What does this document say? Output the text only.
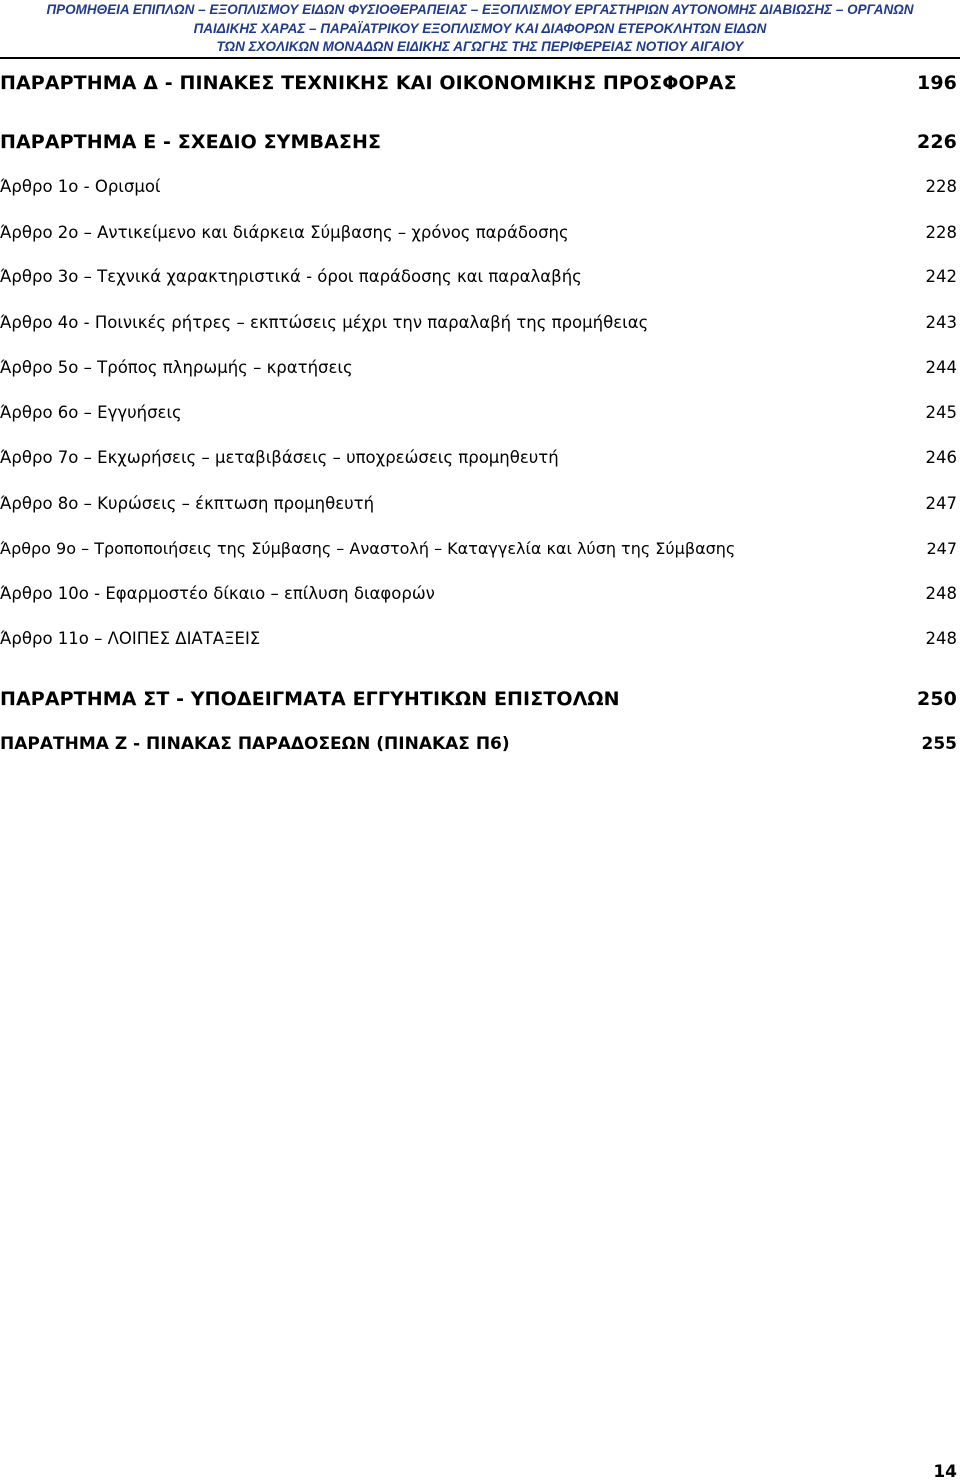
ΠΡΟΜΗΘΕΙΑ ΕΠΙΠΛΩΝ – ΕΞΟΠΛΙΣΜΟΥ ΕΙΔΩΝ ΦΥΣΙΟΘΕΡΑΠΕΙΑΣ – ΕΞΟΠΛΙΣΜΟΥ ΕΡΓΑΣΤΗΡΙΩΝ ΑΥΤΟΝΟΜΗΣ ΔΙΑΒΙΩΣΗΣ – ΟΡΓΑΝΩΝ
ΠΑΙΔΙΚΗΣ ΧΑΡΑΣ – ΠΑΡΑΪΑΤΡΙΚΟΥ ΕΞΟΠΛΙΣΜΟΥ ΚΑΙ ΔΙΑΦΟΡΩΝ ΕΤΕΡΟΚΛΗΤΩΝ ΕΙΔΩΝ
ΤΩΝ ΣΧΟΛΙΚΩΝ ΜΟΝΑΔΩΝ ΕΙΔΙΚΗΣ ΑΓΩΓΗΣ ΤΗΣ ΠΕΡΙΦΕΡΕΙΑΣ ΝΟΤΙΟΥ ΑΙΓΑΙΟΥ
ΠΑΡΑΡΤΗΜΑ Δ - ΠΙΝΑΚΕΣ ΤΕΧΝΙΚΗΣ ΚΑΙ ΟΙΚΟΝΟΜΙΚΗΣ ΠΡΟΣΦΟΡΑΣ	196
ΠΑΡΑΡΤΗΜΑ Ε - ΣΧΕΔΙΟ ΣΥΜΒΑΣΗΣ	226
Άρθρο 1ο - Ορισμοί	228
Άρθρο 2ο – Αντικείμενο και διάρκεια Σύμβασης – χρόνος παράδοσης	228
Άρθρο 3ο – Τεχνικά χαρακτηριστικά - όροι παράδοσης και παραλαβής	242
Άρθρο 4ο - Ποινικές ρήτρες – εκπτώσεις μέχρι την παραλαβή της προμήθειας	243
Άρθρο 5ο – Τρόπος πληρωμής – κρατήσεις	244
Άρθρο 6ο – Εγγυήσεις	245
Άρθρο 7ο – Εκχωρήσεις – μεταβιβάσεις – υποχρεώσεις προμηθευτή	246
Άρθρο 8ο – Κυρώσεις – έκπτωση προμηθευτή	247
Άρθρο 9ο – Τροποποιήσεις της Σύμβασης – Αναστολή – Καταγγελία και λύση της Σύμβασης	247
Άρθρο 10ο - Εφαρμοστέο δίκαιο – επίλυση διαφορών	248
Άρθρο 11ο – ΛΟΙΠΕΣ ΔΙΑΤΑΞΕΙΣ	248
ΠΑΡΑΡΤΗΜΑ ΣΤ - ΥΠΟΔΕΙΓΜΑΤΑ ΕΓΓΥΗΤΙΚΩΝ ΕΠΙΣΤΟΛΩΝ	250
ΠΑΡΑΤΗΜΑ Ζ - ΠΙΝΑΚΑΣ ΠΑΡΑΔΟΣΕΩΝ (ΠΙΝΑΚΑΣ Π6)	255
14
